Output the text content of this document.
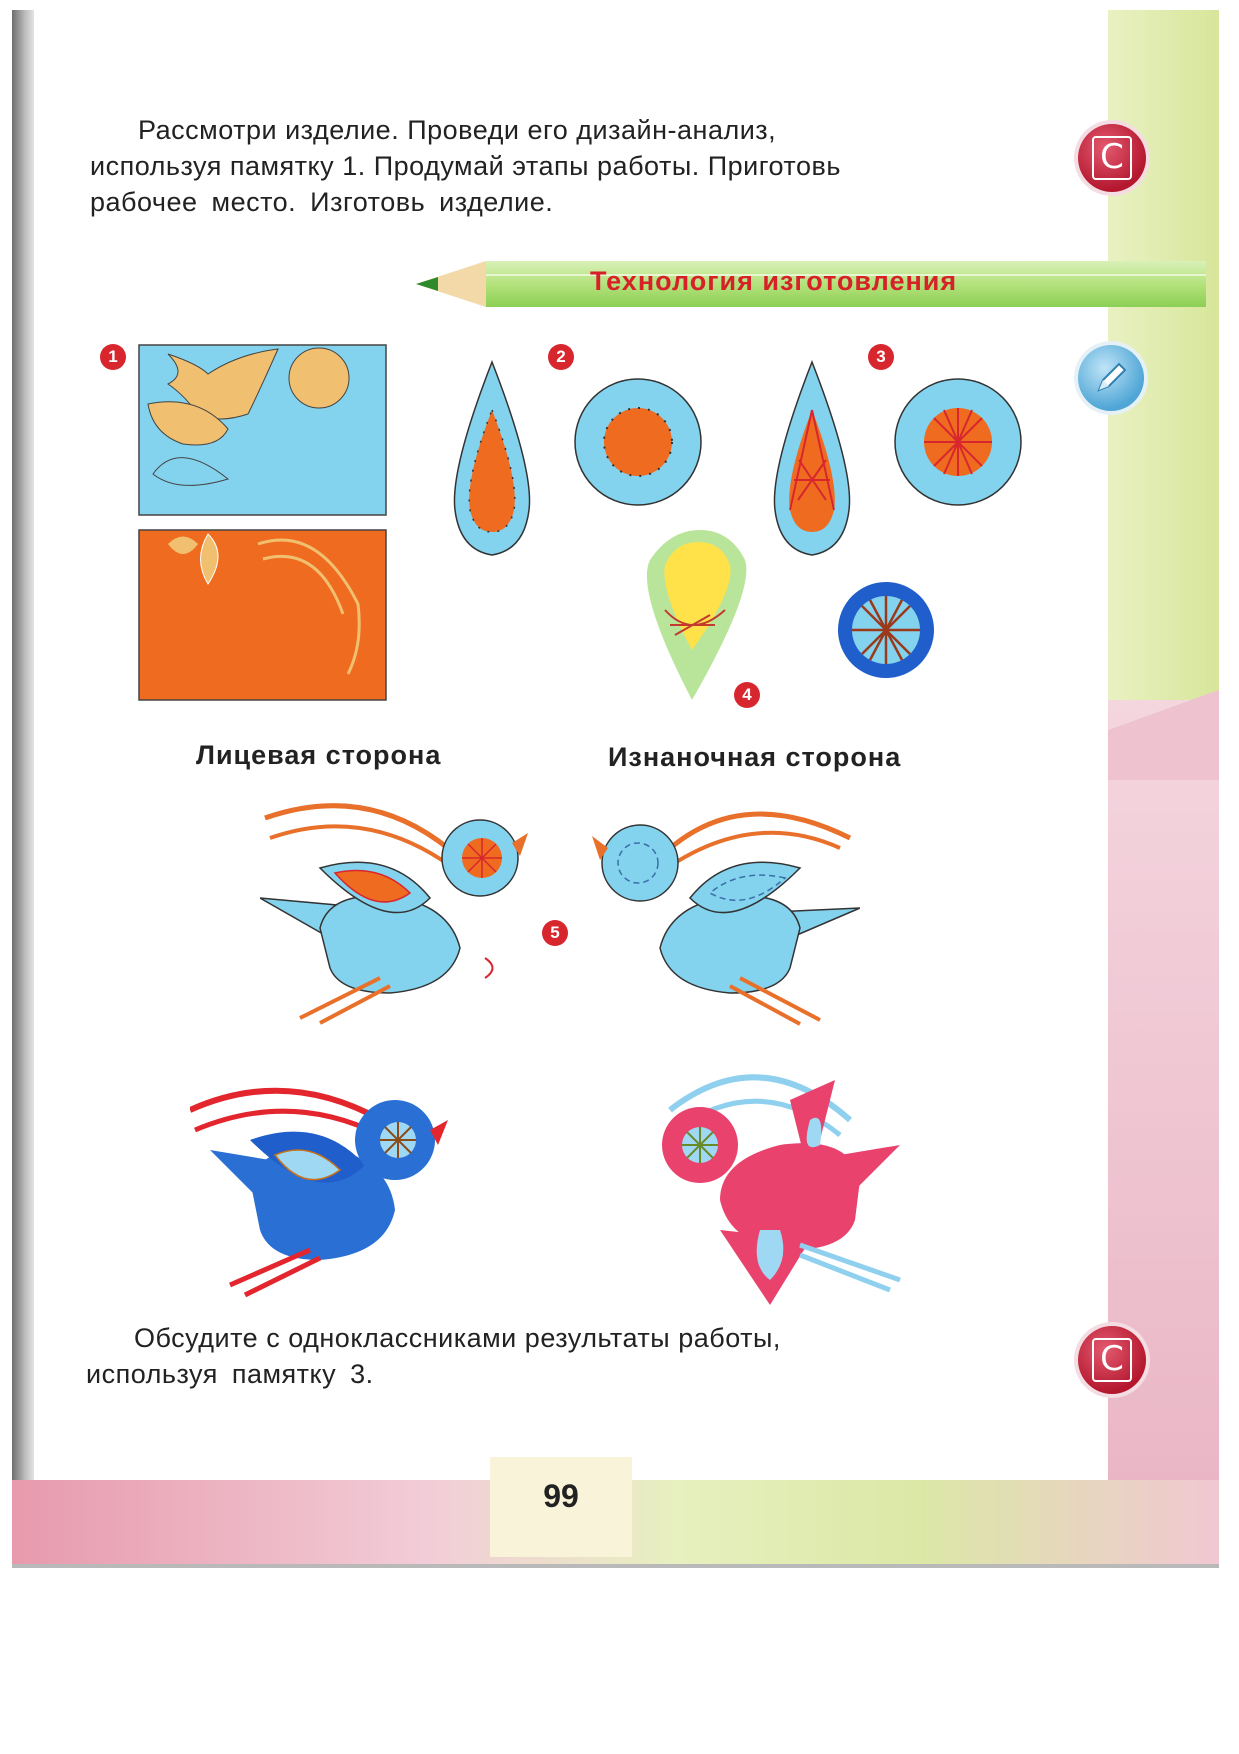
Рассмотри изделие. Проведи его дизайн-анализ,
используя памятку 1. Продумай этапы работы. Приготовь
рабочее место. Изготовь изделие.
C
Технология изготовления
1	2	3
4
5
Лицевая сторона	Изнаночная сторона
Обсудите с одноклассниками результаты работы,
используя памятку 3.	C
99
